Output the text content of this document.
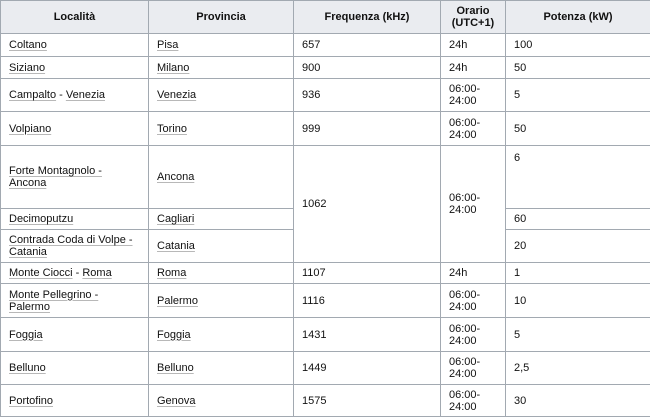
Località	Provincia	Frequenza (kHz)	Orario (UTC+1)	Potenza (kW)
Coltano	Pisa	657	24h	100
Siziano	Milano	900	24h	50
Campalto - Venezia	Venezia	936	06:00-24:00	5
Volpiano	Torino	999	06:00-24:00	50
Forte Montagnolo - Ancona	Ancona	1062	06:00-24:00	6
Decimoputzu	Cagliari			60
Contrada Coda di Volpe - Catania	Catania			20
Monte Ciocci - Roma	Roma	1107	24h	1
Monte Pellegrino - Palermo	Palermo	1116	06:00-24:00	10
Foggia	Foggia	1431	06:00-24:00	5
Belluno	Belluno	1449	06:00-24:00	2,5
Portofino	Genova	1575	06:00-24:00	30
